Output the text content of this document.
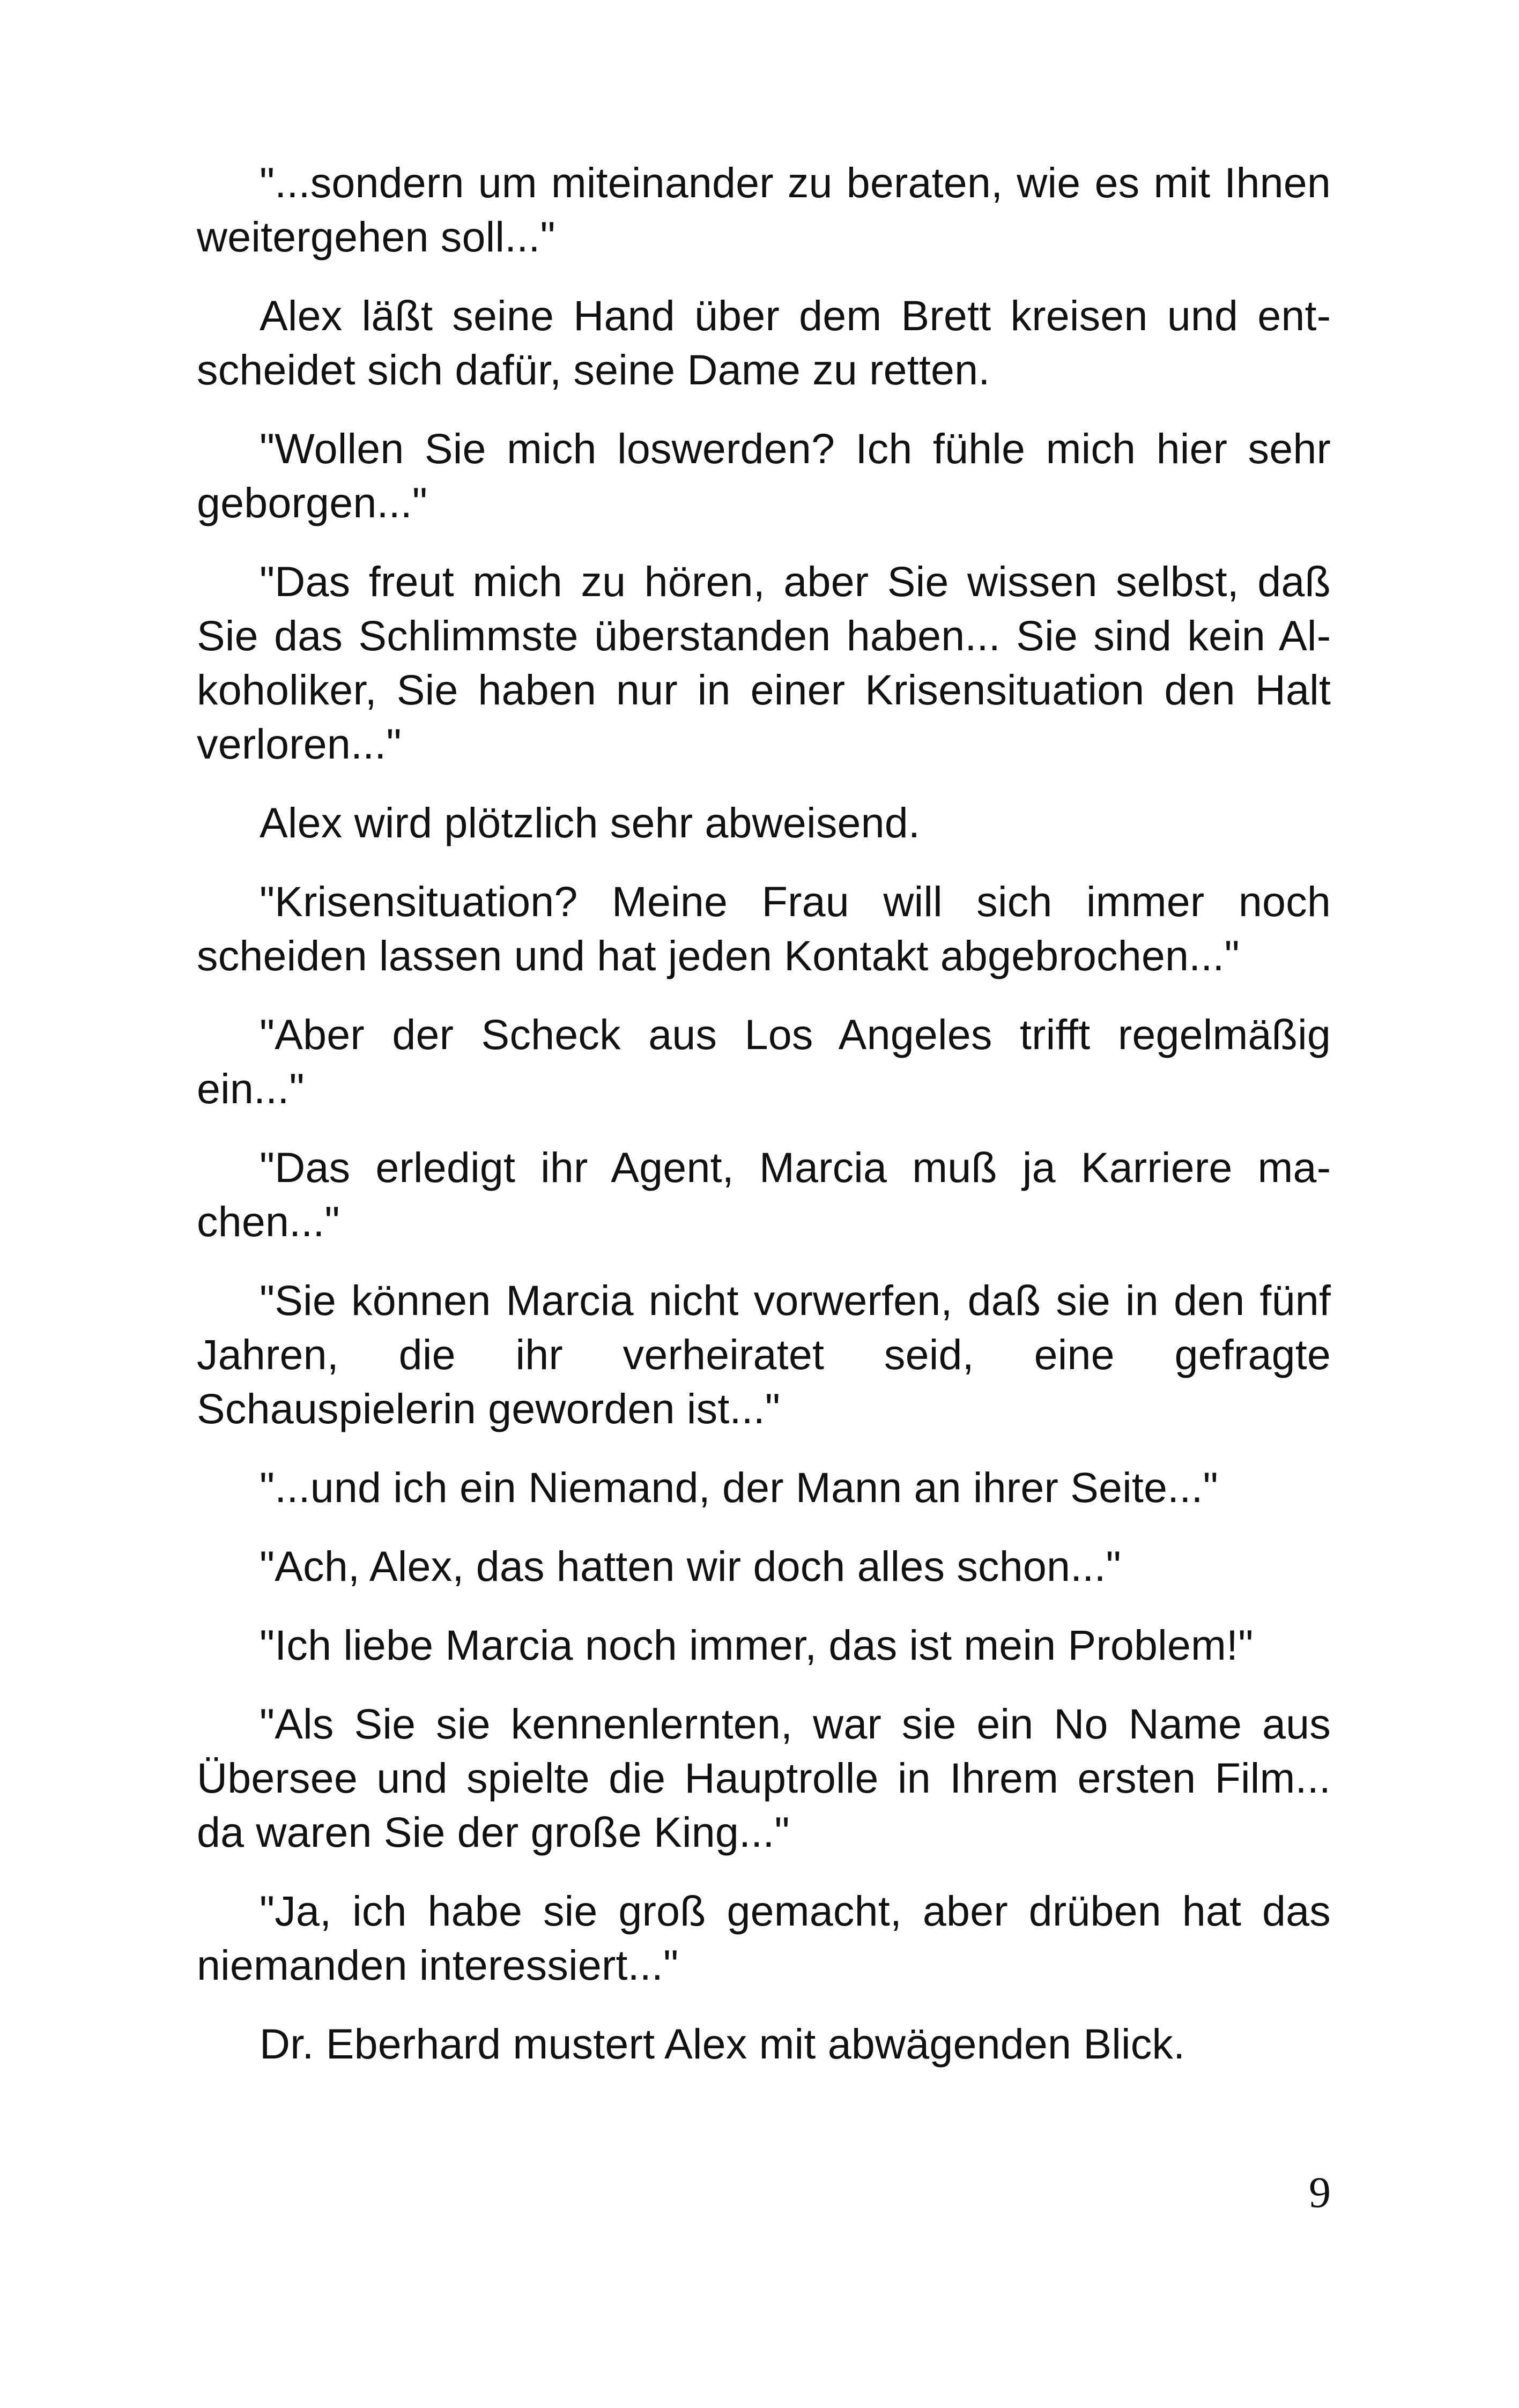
"...sondern um miteinander zu beraten, wie es mit Ihnen weitergehen soll..."

Alex läßt seine Hand über dem Brett kreisen und entscheidet sich dafür, seine Dame zu retten.

"Wollen Sie mich loswerden? Ich fühle mich hier sehr geborgen..."

"Das freut mich zu hören, aber Sie wissen selbst, daß Sie das Schlimmste überstanden haben... Sie sind kein Alkoholiker, Sie haben nur in einer Krisensituation den Halt verloren..."

Alex wird plötzlich sehr abweisend.

"Krisensituation? Meine Frau will sich immer noch scheiden lassen und hat jeden Kontakt abgebrochen..."

"Aber der Scheck aus Los Angeles trifft regelmäßig ein..."

"Das erledigt ihr Agent, Marcia muß ja Karriere machen..."

"Sie können Marcia nicht vorwerfen, daß sie in den fünf Jahren, die ihr verheiratet seid, eine gefragte Schauspielerin geworden ist..."

"...und ich ein Niemand, der Mann an ihrer Seite..."

"Ach, Alex, das hatten wir doch alles schon..."

"Ich liebe Marcia noch immer, das ist mein Problem!"

"Als Sie sie kennenlernten, war sie ein No Name aus Übersee und spielte die Hauptrolle in Ihrem ersten Film... da waren Sie der große King..."

"Ja, ich habe sie groß gemacht, aber drüben hat das niemanden interessiert..."

Dr. Eberhard mustert Alex mit abwägenden Blick.

9
